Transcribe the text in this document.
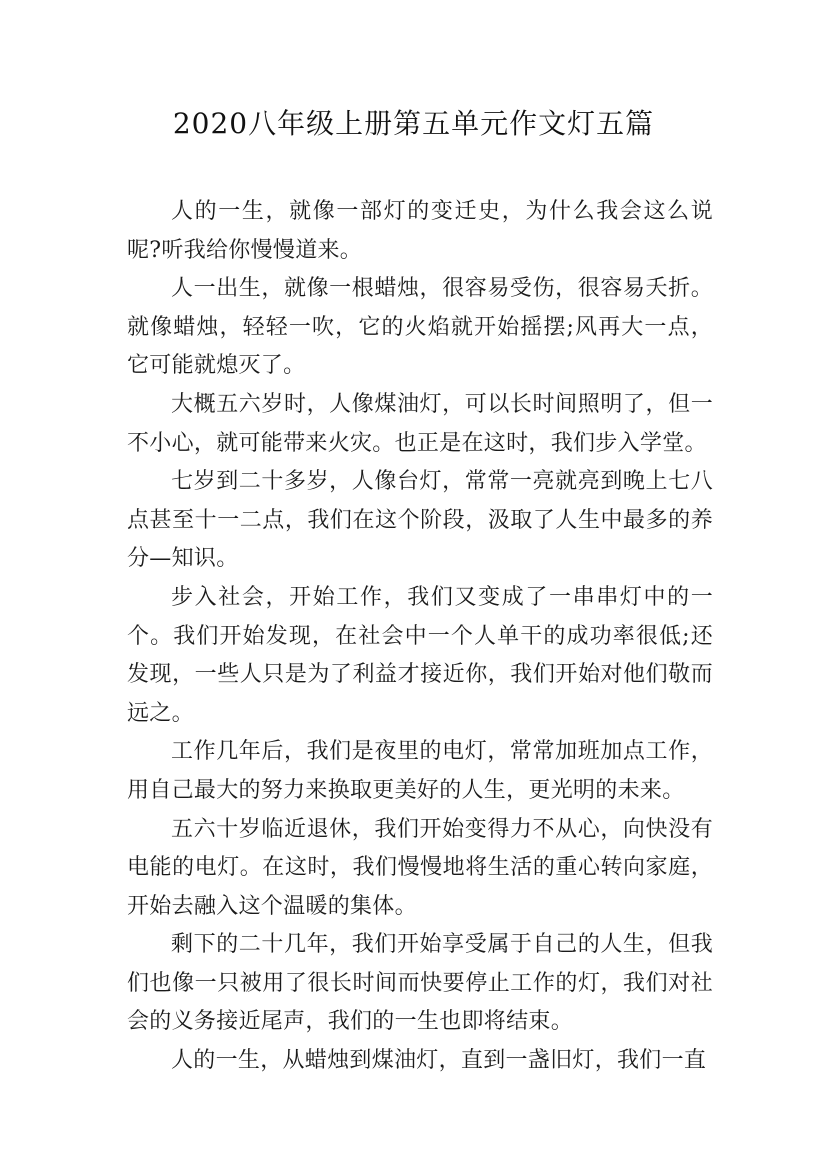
2020八年级上册第五单元作文灯五篇

人的一生，就像一部灯的变迁史，为什么我会这么说呢?听我给你慢慢道来。

人一出生，就像一根蜡烛，很容易受伤，很容易夭折。就像蜡烛，轻轻一吹，它的火焰就开始摇摆;风再大一点，它可能就熄灭了。

大概五六岁时，人像煤油灯，可以长时间照明了，但一不小心，就可能带来火灾。也正是在这时，我们步入学堂。

七岁到二十多岁，人像台灯，常常一亮就亮到晚上七八点甚至十一二点，我们在这个阶段，汲取了人生中最多的养分—知识。

步入社会，开始工作，我们又变成了一串串灯中的一个。我们开始发现，在社会中一个人单干的成功率很低;还发现，一些人只是为了利益才接近你，我们开始对他们敬而远之。

工作几年后，我们是夜里的电灯，常常加班加点工作，用自己最大的努力来换取更美好的人生，更光明的未来。

五六十岁临近退休，我们开始变得力不从心，向快没有电能的电灯。在这时，我们慢慢地将生活的重心转向家庭，开始去融入这个温暖的集体。

剩下的二十几年，我们开始享受属于自己的人生，但我们也像一只被用了很长时间而快要停止工作的灯，我们对社会的义务接近尾声，我们的一生也即将结束。

人的一生，从蜡烛到煤油灯，直到一盏旧灯，我们一直
